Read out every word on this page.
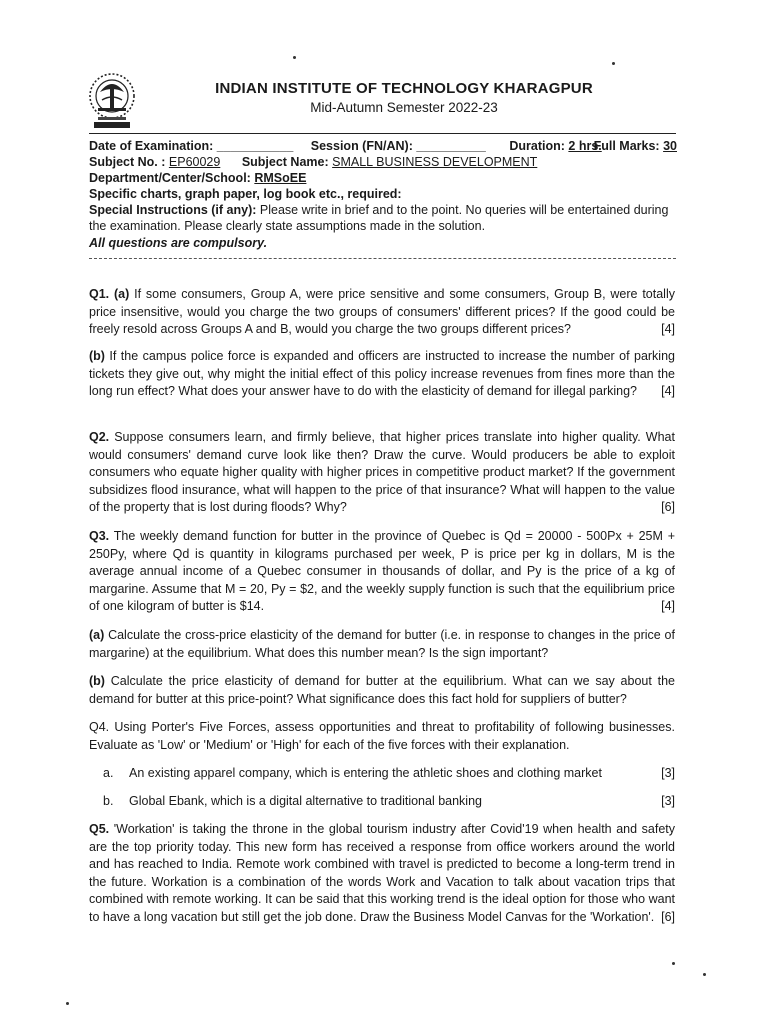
INDIAN INSTITUTE OF TECHNOLOGY KHARAGPUR
Mid-Autumn Semester 2022-23
Date of Examination: ___________ Session (FN/AN): __________ Duration: 2 hrs.
Full Marks: 30
Subject No. : EP60029 Subject Name: SMALL BUSINESS DEVELOPMENT
Department/Center/School: RMSoEE
Specific charts, graph paper, log book etc., required:
Special Instructions (if any): Please write in brief and to the point. No queries will be entertained during the examination. Please clearly state assumptions made in the solution.
All questions are compulsory.
Q1. (a) If some consumers, Group A, were price sensitive and some consumers, Group B, were totally price insensitive, would you charge the two groups of consumers' different prices? If the good could be freely resold across Groups A and B, would you charge the two groups different prices?	[4]
(b) If the campus police force is expanded and officers are instructed to increase the number of parking tickets they give out, why might the initial effect of this policy increase revenues from fines more than the long run effect? What does your answer have to do with the elasticity of demand for illegal parking? [4]
Q2. Suppose consumers learn, and firmly believe, that higher prices translate into higher quality. What would consumers' demand curve look like then? Draw the curve. Would producers be able to exploit consumers who equate higher quality with higher prices in competitive product market? If the government subsidizes flood insurance, what will happen to the price of that insurance? What will happen to the value of the property that is lost during floods? Why?	[6]
Q3. The weekly demand function for butter in the province of Quebec is Qd = 20000 - 500Px + 25M + 250Py, where Qd is quantity in kilograms purchased per week, P is price per kg in dollars, M is the average annual income of a Quebec consumer in thousands of dollar, and Py is the price of a kg of margarine. Assume that M = 20, Py = $2, and the weekly supply function is such that the equilibrium price of one kilogram of butter is $14.	[4]
(a) Calculate the cross-price elasticity of the demand for butter (i.e. in response to changes in the price of margarine) at the equilibrium. What does this number mean? Is the sign important?
(b) Calculate the price elasticity of demand for butter at the equilibrium. What can we say about the demand for butter at this price-point? What significance does this fact hold for suppliers of butter?
Q4. Using Porter's Five Forces, assess opportunities and threat to profitability of following businesses. Evaluate as 'Low' or 'Medium' or 'High' for each of the five forces with their explanation.
a. An existing apparel company, which is entering the athletic shoes and clothing market	[3]
b. Global Ebank, which is a digital alternative to traditional banking	[3]
Q5. 'Workation' is taking the throne in the global tourism industry after Covid'19 when health and safety are the top priority today. This new form has received a response from office workers around the world and has reached to India. Remote work combined with travel is predicted to become a long-term trend in the future. Workation is a combination of the words Work and Vacation to talk about vacation trips that combined with remote working. It can be said that this working trend is the ideal option for those who want to have a long vacation but still get the job done. Draw the Business Model Canvas for the 'Workation'. [6]
